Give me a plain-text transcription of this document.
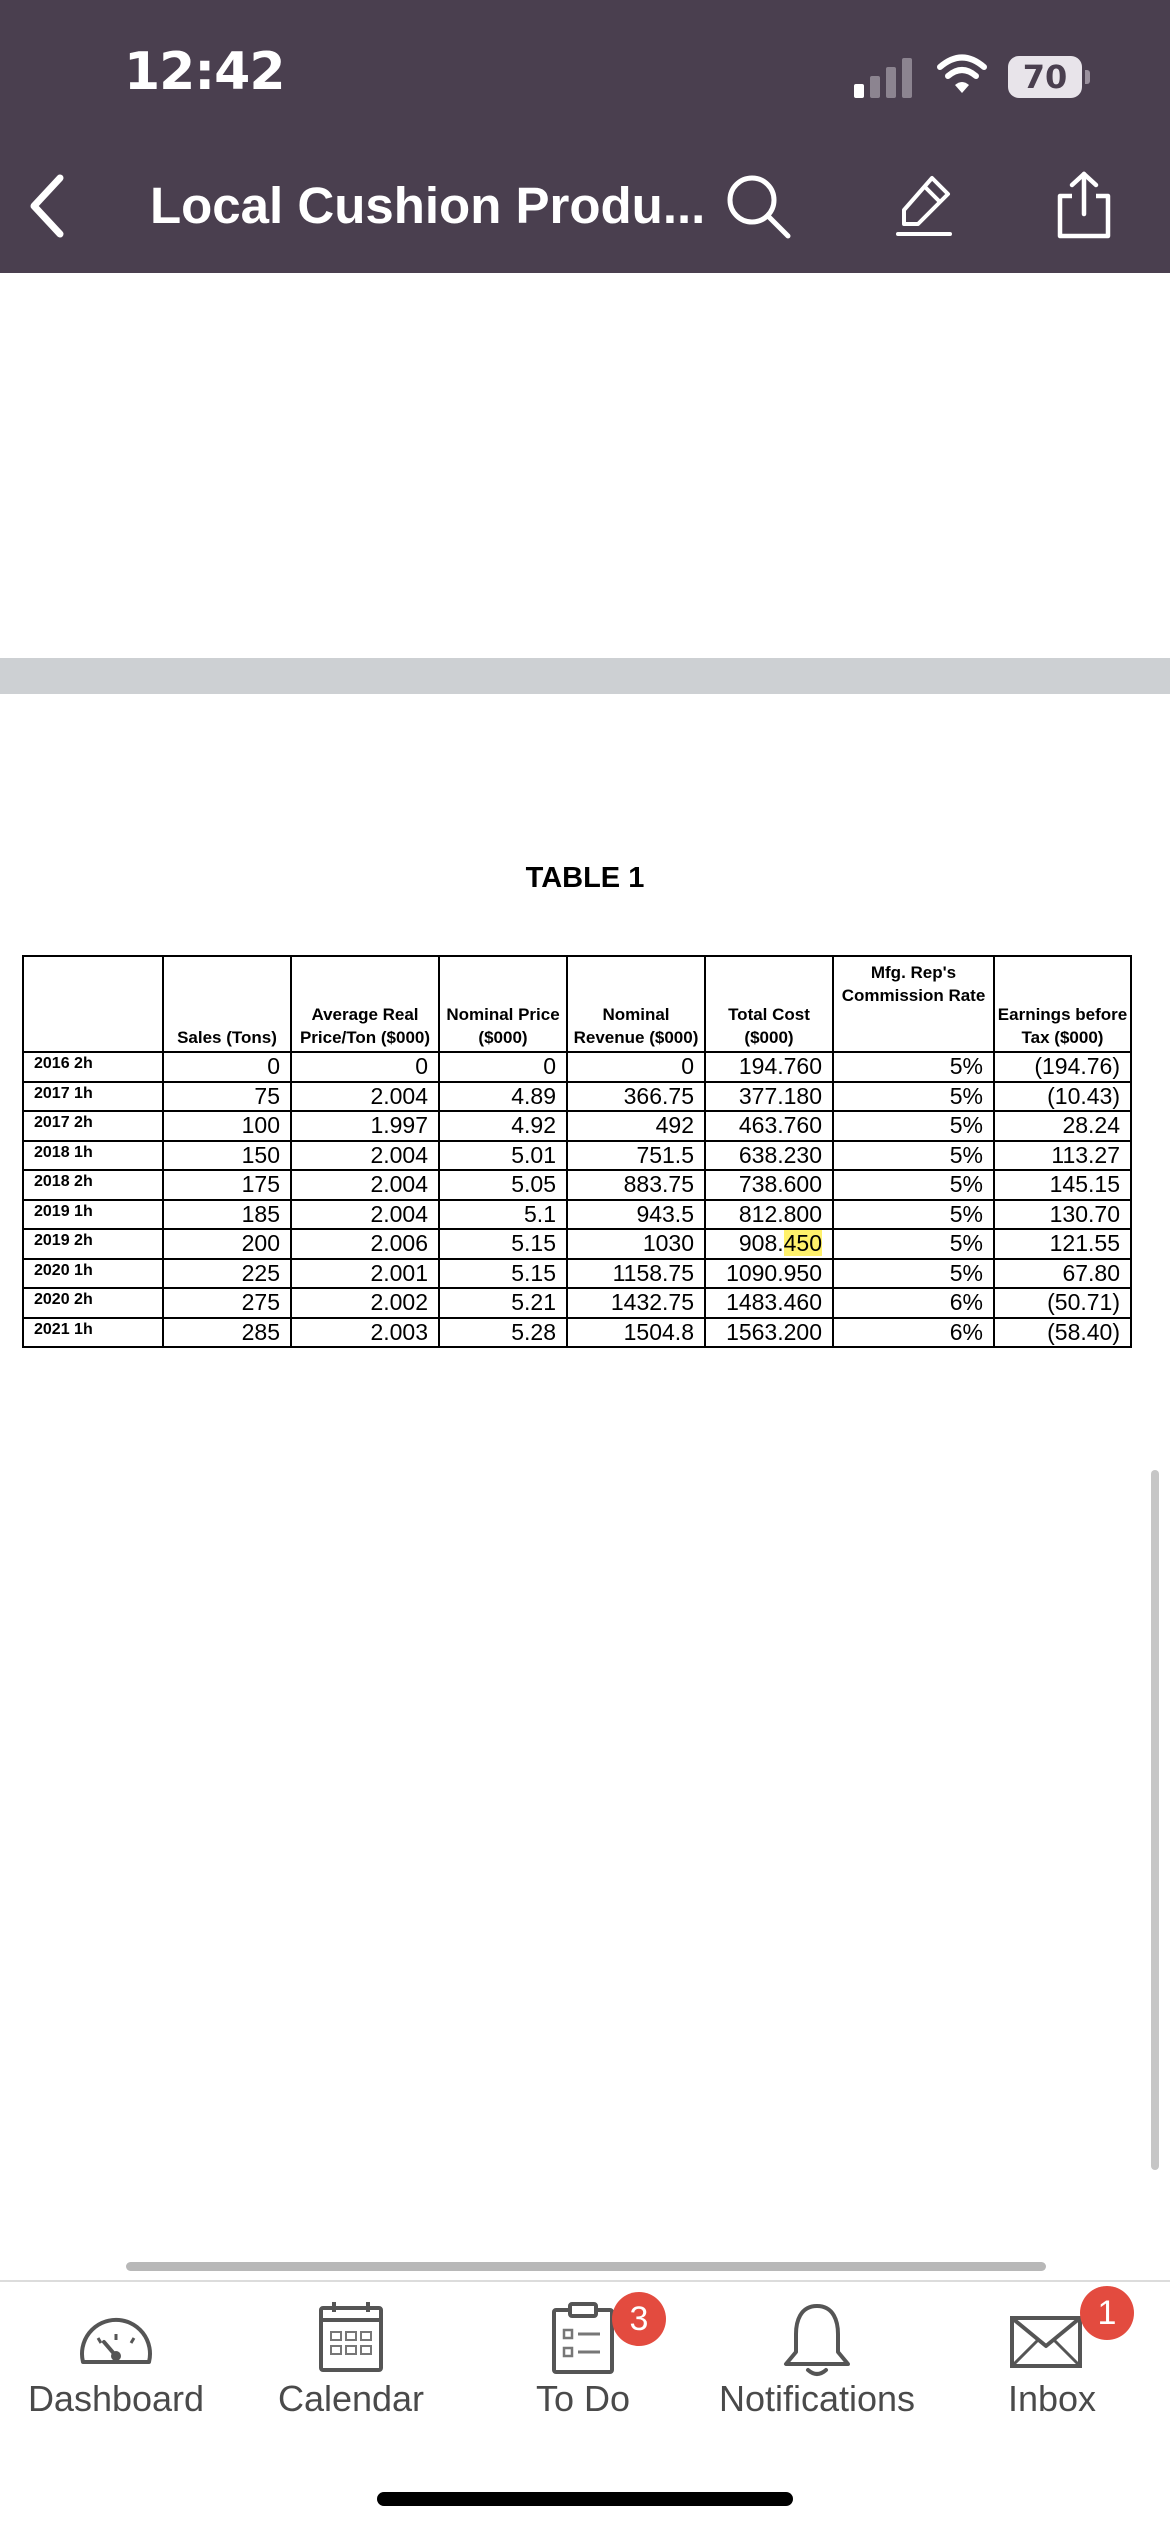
12:42	70
Local Cushion Produ...
TABLE 1
	Sales (Tons)	Average Real Price/Ton ($000)	Nominal Price ($000)	Nominal Revenue ($000)	Total Cost ($000)	Mfg. Rep's Commission Rate	Earnings before Tax ($000)
2016 2h	0	0	0	0	194.760	5%	(194.76)
2017 1h	75	2.004	4.89	366.75	377.180	5%	(10.43)
2017 2h	100	1.997	4.92	492	463.760	5%	28.24
2018 1h	150	2.004	5.01	751.5	638.230	5%	113.27
2018 2h	175	2.004	5.05	883.75	738.600	5%	145.15
2019 1h	185	2.004	5.1	943.5	812.800	5%	130.70
2019 2h	200	2.006	5.15	1030	908.450	5%	121.55
2020 1h	225	2.001	5.15	1158.75	1090.950	5%	67.80
2020 2h	275	2.002	5.21	1432.75	1483.460	6%	(50.71)
2021 1h	285	2.003	5.28	1504.8	1563.200	6%	(58.40)
Dashboard	Calendar
3
To Do	Notifications
1
Inbox
